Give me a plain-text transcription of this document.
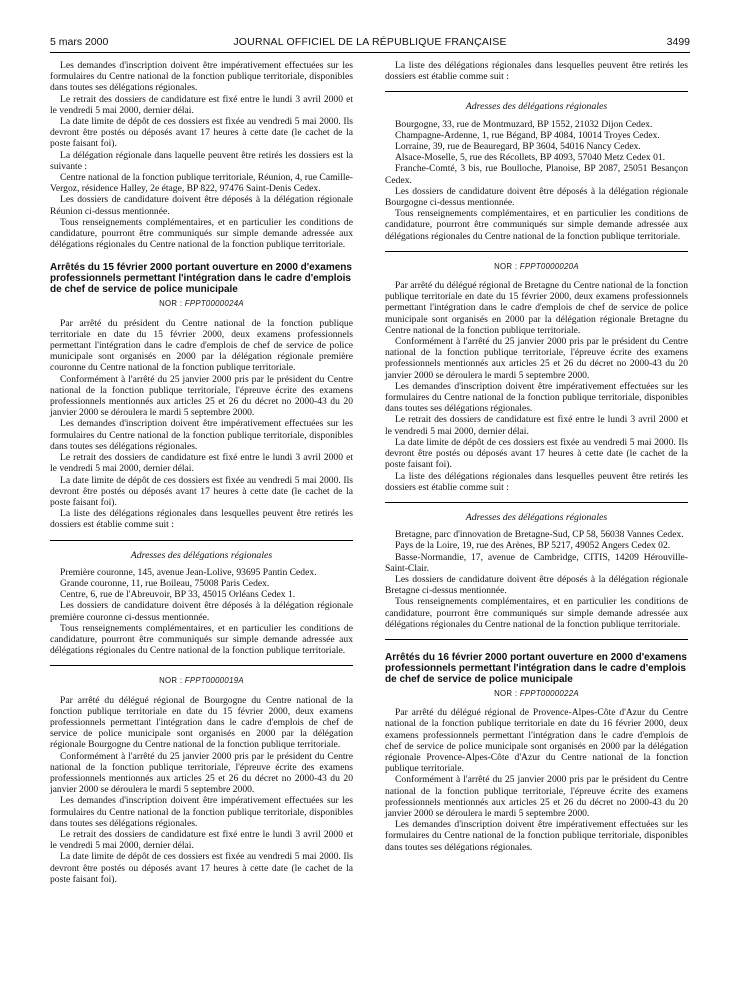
5 mars 2000	JOURNAL OFFICIEL DE LA RÉPUBLIQUE FRANÇAISE	3499

Les demandes d'inscription doivent être impérativement effectuées sur les formulaires du Centre national de la fonction publique territoriale, disponibles dans toutes ses délégations régionales.

Le retrait des dossiers de candidature est fixé entre le lundi 3 avril 2000 et le vendredi 5 mai 2000, dernier délai.

La date limite de dépôt de ces dossiers est fixée au vendredi 5 mai 2000. Ils devront être postés ou déposés avant 17 heures à cette date (le cachet de la poste faisant foi).

La délégation régionale dans laquelle peuvent être retirés les dossiers est la suivante :

Centre national de la fonction publique territoriale, Réunion, 4, rue Camille-Vergoz, résidence Halley, 2e étage, BP 822, 97476 Saint-Denis Cedex.

Les dossiers de candidature doivent être déposés à la délégation régionale Réunion ci-dessus mentionnée.

Tous renseignements complémentaires, et en particulier les conditions de candidature, pourront être communiqués sur simple demande adressée aux délégations régionales du Centre national de la fonction publique territoriale.

Arrêtés du 15 février 2000 portant ouverture en 2000 d'examens professionnels permettant l'intégration dans le cadre d'emplois de chef de service de police municipale
NOR : FPPT0000024A

Par arrêté du président du Centre national de la fonction publique territoriale en date du 15 février 2000, deux examens professionnels permettant l'intégration dans le cadre d'emplois de chef de service de police municipale sont organisés en 2000 par la délégation régionale première couronne du Centre national de la fonction publique territoriale.

Conformément à l'arrêté du 25 janvier 2000 pris par le président du Centre national de la fonction publique territoriale, l'épreuve écrite des examens professionnels mentionnés aux articles 25 et 26 du décret no 2000-43 du 20 janvier 2000 se déroulera le mardi 5 septembre 2000.

Les demandes d'inscription doivent être impérativement effectuées sur les formulaires du Centre national de la fonction publique territoriale, disponibles dans toutes ses délégations régionales.

Le retrait des dossiers de candidature est fixé entre le lundi 3 avril 2000 et le vendredi 5 mai 2000, dernier délai.

La date limite de dépôt de ces dossiers est fixée au vendredi 5 mai 2000. Ils devront être postés ou déposés avant 17 heures à cette date (le cachet de la poste faisant foi).

La liste des délégations régionales dans lesquelles peuvent être retirés les dossiers est établie comme suit :

Adresses des délégations régionales

Première couronne, 145, avenue Jean-Lolive, 93695 Pantin Cedex.

Grande couronne, 11, rue Boileau, 75008 Paris Cedex.

Centre, 6, rue de l'Abreuvoir, BP 33, 45015 Orléans Cedex 1.

Les dossiers de candidature doivent être déposés à la délégation régionale première couronne ci-dessus mentionnée.

Tous renseignements complémentaires, et en particulier les conditions de candidature, pourront être communiqués sur simple demande adressée aux délégations régionales du Centre national de la fonction publique territoriale.

NOR : FPPT0000019A

Par arrêté du délégué régional de Bourgogne du Centre national de la fonction publique territoriale en date du 15 février 2000, deux examens professionnels permettant l'intégration dans le cadre d'emplois de chef de service de police municipale sont organisés en 2000 par la délégation régionale Bourgogne du Centre national de la fonction publique territoriale.

Conformément à l'arrêté du 25 janvier 2000 pris par le président du Centre national de la fonction publique territoriale, l'épreuve écrite des examens professionnels mentionnés aux articles 25 et 26 du décret no 2000-43 du 20 janvier 2000 se déroulera le mardi 5 septembre 2000.

Les demandes d'inscription doivent être impérativement effectuées sur les formulaires du Centre national de la fonction publique territoriale, disponibles dans toutes ses délégations régionales.

Le retrait des dossiers de candidature est fixé entre le lundi 3 avril 2000 et le vendredi 5 mai 2000, dernier délai.

La date limite de dépôt de ces dossiers est fixée au vendredi 5 mai 2000. Ils devront être postés ou déposés avant 17 heures à cette date (le cachet de la poste faisant foi).

La liste des délégations régionales dans lesquelles peuvent être retirés les dossiers est établie comme suit :

Adresses des délégations régionales

Bourgogne, 33, rue de Montmuzard, BP 1552, 21032 Dijon Cedex.

Champagne-Ardenne, 1, rue Bégand, BP 4084, 10014 Troyes Cedex.

Lorraine, 39, rue de Beauregard, BP 3604, 54016 Nancy Cedex.

Alsace-Moselle, 5, rue des Récollets, BP 4093, 57040 Metz Cedex 01.

Franche-Comté, 3 bis, rue Boulloche, Planoise, BP 2087, 25051 Besançon Cedex.

Les dossiers de candidature doivent être déposés à la délégation régionale Bourgogne ci-dessus mentionnée.

Tous renseignements complémentaires, et en particulier les conditions de candidature, pourront être communiqués sur simple demande adressée aux délégations régionales du Centre national de la fonction publique territoriale.

NOR : FPPT0000020A

Par arrêté du délégué régional de Bretagne du Centre national de la fonction publique territoriale en date du 15 février 2000, deux examens professionnels permettant l'intégration dans le cadre d'emplois de chef de service de police municipale sont organisés en 2000 par la délégation régionale Bretagne du Centre national de la fonction publique territoriale.

Conformément à l'arrêté du 25 janvier 2000 pris par le président du Centre national de la fonction publique territoriale, l'épreuve écrite des examens professionnels mentionnés aux articles 25 et 26 du décret no 2000-43 du 20 janvier 2000 se déroulera le mardi 5 septembre 2000.

Les demandes d'inscription doivent être impérativement effectuées sur les formulaires du Centre national de la fonction publique territoriale, disponibles dans toutes ses délégations régionales.

Le retrait des dossiers de candidature est fixé entre le lundi 3 avril 2000 et le vendredi 5 mai 2000, dernier délai.

La date limite de dépôt de ces dossiers est fixée au vendredi 5 mai 2000. Ils devront être postés ou déposés avant 17 heures à cette date (le cachet de la poste faisant foi).

La liste des délégations régionales dans lesquelles peuvent être retirés les dossiers est établie comme suit :

Adresses des délégations régionales

Bretagne, parc d'innovation de Bretagne-Sud, CP 58, 56038 Vannes Cedex.

Pays de la Loire, 19, rue des Arènes, BP 5217, 49052 Angers Cedex 02.

Basse-Normandie, 17, avenue de Cambridge, CITIS, 14209 Hérouville-Saint-Clair.

Les dossiers de candidature doivent être déposés à la délégation régionale Bretagne ci-dessus mentionnée.

Tous renseignements complémentaires, et en particulier les conditions de candidature, pourront être communiqués sur simple demande adressée aux délégations régionales du Centre national de la fonction publique territoriale.

Arrêtés du 16 février 2000 portant ouverture en 2000 d'examens professionnels permettant l'intégration dans le cadre d'emplois de chef de service de police municipale
NOR : FPPT0000022A

Par arrêté du délégué régional de Provence-Alpes-Côte d'Azur du Centre national de la fonction publique territoriale en date du 16 février 2000, deux examens professionnels permettant l'intégration dans le cadre d'emplois de chef de service de police municipale sont organisés en 2000 par la délégation régionale Provence-Alpes-Côte d'Azur du Centre national de la fonction publique territoriale.

Conformément à l'arrêté du 25 janvier 2000 pris par le président du Centre national de la fonction publique territoriale, l'épreuve écrite des examens professionnels mentionnés aux articles 25 et 26 du décret no 2000-43 du 20 janvier 2000 se déroulera le mardi 5 septembre 2000.

Les demandes d'inscription doivent être impérativement effectuées sur les formulaires du Centre national de la fonction publique territoriale, disponibles dans toutes ses délégations régionales.
